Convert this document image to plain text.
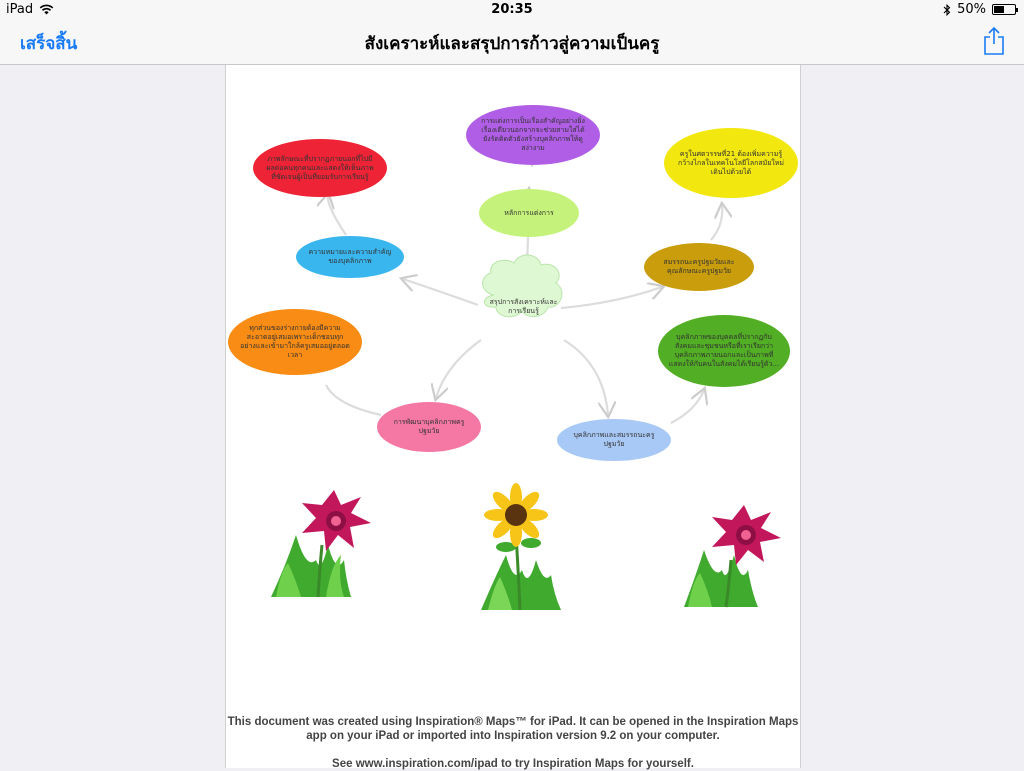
iPad	20:35	50%
เสร็จสิ้น	สังเคราะห์และสรุปการก้าวสู่ความเป็นครู
สรุปการสังเคราะห์และการเรียนรู้
หลักการแต่งการ
การแต่งการเป็นเรื่องสำคัญอย่างยิ่ง เรื่องเดียวนอกจากจะช่วยสามใส่ได้ยังรัดติดตัวยังสร้างบุคลิกภาพให้ดูสง่างาม
ความหมายและความสำคัญของบุคลิกภาพ
ภาพลักษณะที่ปรากฏภายนอกที่ไปมีผลต่อคนทุกคนและแสดงให้เห็นภาพที่ชัดเจนผู้เป็นที่ยอมรับการเรียนรู้
สมรรถนะครูปฐมวัยและคุณลักษณะครูปฐมวัย
ครูในศตวรรษที่21 ต้องเพิ่มความรู้ กว้างไกลในเทคโนโลยีโลกสมัยใหม่เดินไปด้วยได้
การพัฒนาบุคลิกภาพครูปฐมวัย
ทุกส่วนของร่างกายต้องมีความสะอาดอยู่เสมอเพราะเด็กชอบทุกอย่างและเข้ามาใกล้ครูเสมออยู่ตลอดเวลา
บุคลิกภาพและสมรรถนะครูปฐมวัย
บุคลิกภาพของบุคคลที่ปรากฏกับสังคมและชุมชนหรือที่เราเรียกว่าบุคลิกภาพภายนอกและเป็นภาพที่แสดงให้กับคนในสังคมได้เรียนรู้ตัว...
This document was created using Inspiration® Maps™ for iPad. It can be opened in the Inspiration Maps
app on your iPad or imported into Inspiration version 9.2 on your computer.
See www.inspiration.com/ipad to try Inspiration Maps for yourself.
